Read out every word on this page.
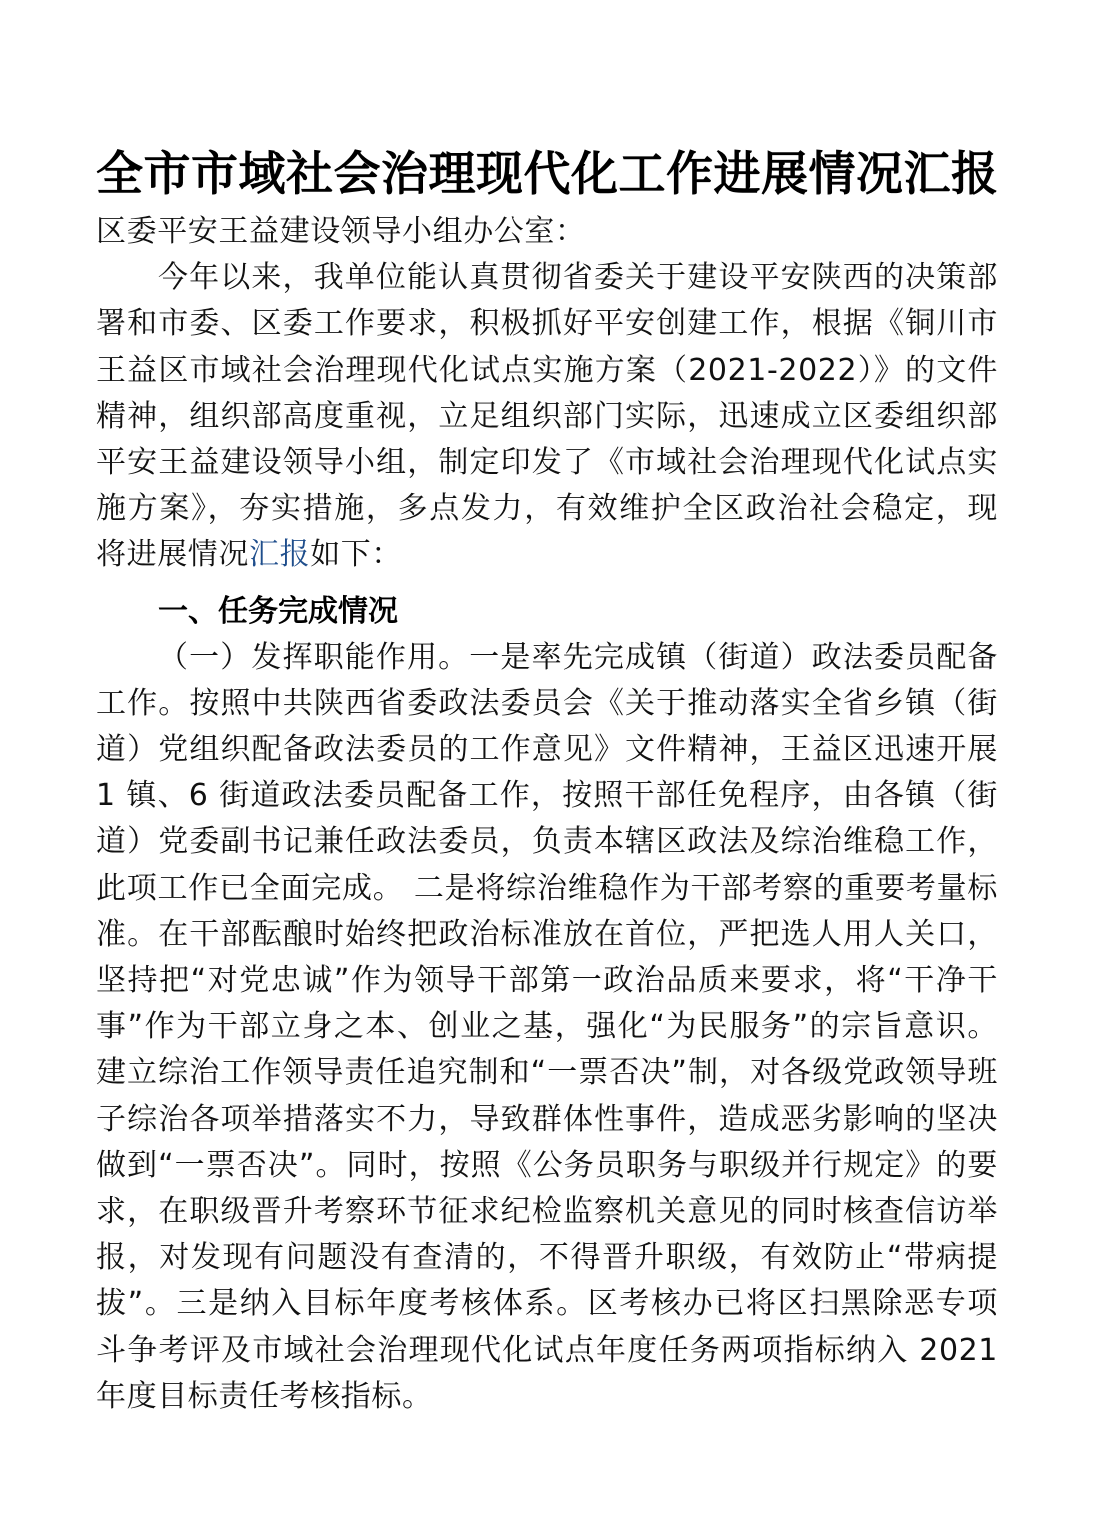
全市市域社会治理现代化工作进展情况汇报

区委平安王益建设领导小组办公室：

今年以来，我单位能认真贯彻省委关于建设平安陕西的决策部署和市委、区委工作要求，积极抓好平安创建工作，根据《铜川市王益区市域社会治理现代化试点实施方案（2021-2022）》的文件精神，组织部高度重视，立足组织部门实际，迅速成立区委组织部平安王益建设领导小组，制定印发了《市域社会治理现代化试点实施方案》，夯实措施，多点发力，有效维护全区政治社会稳定，现将进展情况汇报如下：

一、任务完成情况

（一）发挥职能作用。一是率先完成镇（街道）政法委员配备工作。按照中共陕西省委政法委员会《关于推动落实全省乡镇（街道）党组织配备政法委员的工作意见》文件精神，王益区迅速开展 1 镇、6 街道政法委员配备工作，按照干部任免程序，由各镇（街道）党委副书记兼任政法委员，负责本辖区政法及综治维稳工作，此项工作已全面完成。 二是将综治维稳作为干部考察的重要考量标准。在干部酝酿时始终把政治标准放在首位，严把选人用人关口，坚持把“对党忠诚”作为领导干部第一政治品质来要求，将“干净干事”作为干部立身之本、创业之基，强化“为民服务”的宗旨意识。建立综治工作领导责任追究制和“一票否决”制，对各级党政领导班子综治各项举措落实不力，导致群体性事件，造成恶劣影响的坚决做到“一票否决”。同时，按照《公务员职务与职级并行规定》的要求，在职级晋升考察环节征求纪检监察机关意见的同时核查信访举报，对发现有问题没有查清的，不得晋升职级，有效防止“带病提拔”。三是纳入目标年度考核体系。区考核办已将区扫黑除恶专项斗争考评及市域社会治理现代化试点年度任务两项指标纳入 2021 年度目标责任考核指标。
